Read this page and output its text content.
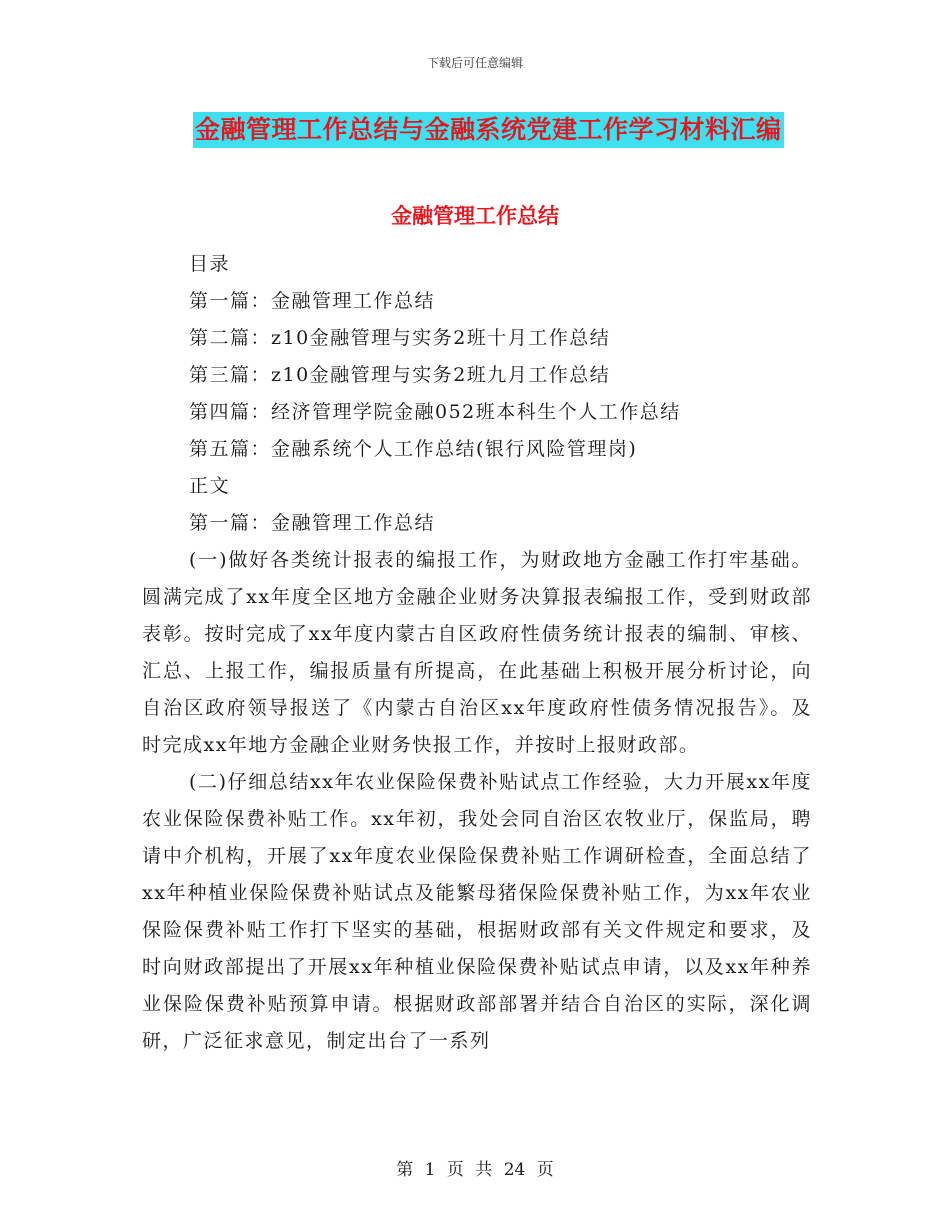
下载后可任意编辑
金融管理工作总结与金融系统党建工作学习材料汇编
金融管理工作总结
目录
第一篇：金融管理工作总结
第二篇：z10金融管理与实务2班十月工作总结
第三篇：z10金融管理与实务2班九月工作总结
第四篇：经济管理学院金融052班本科生个人工作总结
第五篇：金融系统个人工作总结(银行风险管理岗)
正文
第一篇：金融管理工作总结
(一)做好各类统计报表的编报工作，为财政地方金融工作打牢基础。圆满完成了xx年度全区地方金融企业财务决算报表编报工作，受到财政部表彰。按时完成了xx年度内蒙古自区政府性债务统计报表的编制、审核、汇总、上报工作，编报质量有所提高，在此基础上积极开展分析讨论，向自治区政府领导报送了《内蒙古自治区xx年度政府性债务情况报告》。及时完成xx年地方金融企业财务快报工作，并按时上报财政部。
(二)仔细总结xx年农业保险保费补贴试点工作经验，大力开展xx年度农业保险保费补贴工作。xx年初，我处会同自治区农牧业厅，保监局，聘请中介机构，开展了xx年度农业保险保费补贴工作调研检查，全面总结了xx年种植业保险保费补贴试点及能繁母猪保险保费补贴工作，为xx年农业保险保费补贴工作打下坚实的基础，根据财政部有关文件规定和要求，及时向财政部提出了开展xx年种植业保险保费补贴试点申请，以及xx年种养业保险保费补贴预算申请。根据财政部部署并结合自治区的实际，深化调研，广泛征求意见，制定出台了一系列
第 1 页 共 24 页
